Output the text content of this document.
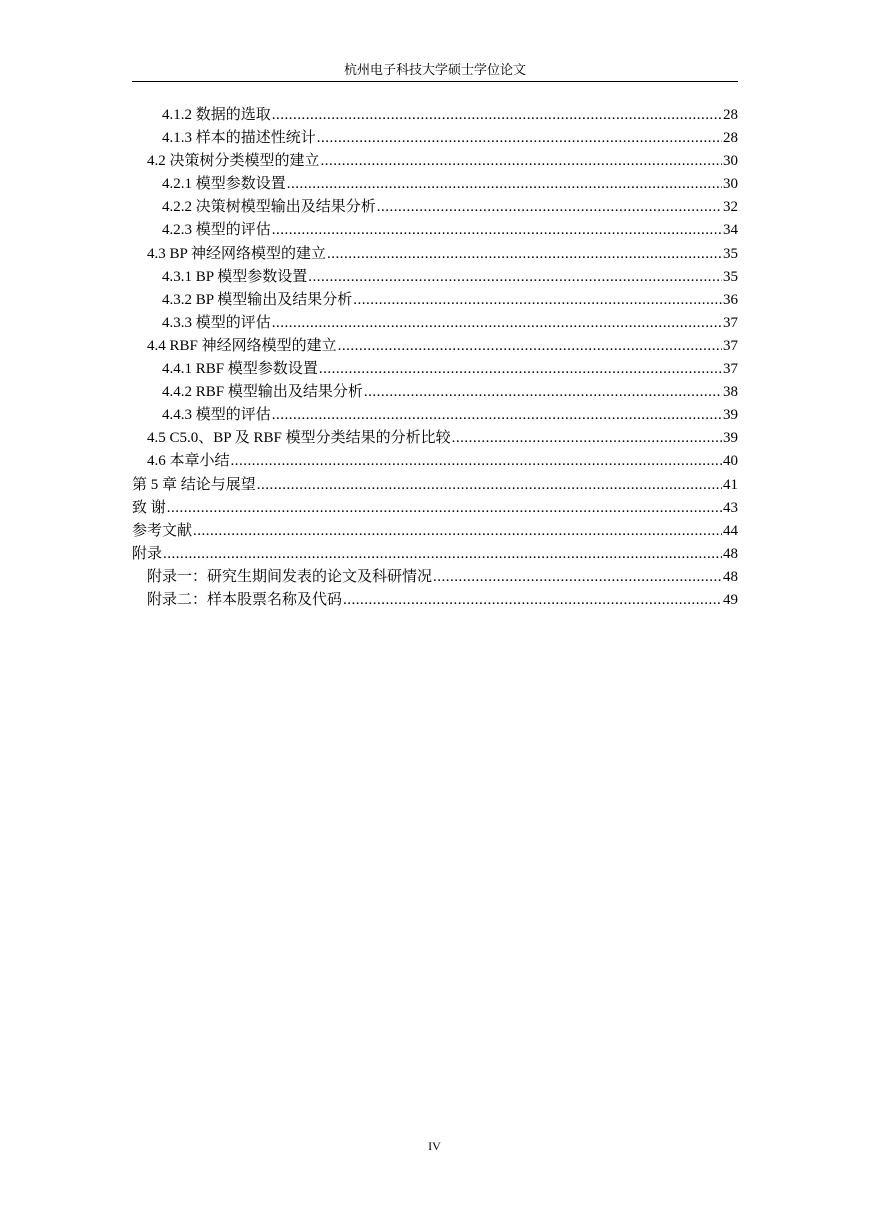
杭州电子科技大学硕士学位论文
4.1.2 数据的选取 .....	28
4.1.3 样本的描述性统计 .....	28
4.2 决策树分类模型的建立 .....	30
4.2.1 模型参数设置 .....	30
4.2.2 决策树模型输出及结果分析 .....	32
4.2.3 模型的评估 .....	34
4.3 BP 神经网络模型的建立 .....	35
4.3.1 BP 模型参数设置 .....	35
4.3.2 BP 模型输出及结果分析 .....	36
4.3.3 模型的评估 .....	37
4.4 RBF 神经网络模型的建立 .....	37
4.4.1 RBF 模型参数设置 .....	37
4.4.2 RBF 模型输出及结果分析 .....	38
4.4.3 模型的评估 .....	39
4.5 C5.0、BP 及 RBF 模型分类结果的分析比较 .....	39
4.6 本章小结 .....	40
第 5 章 结论与展望 .....	41
致 谢 .....	43
参考文献 .....	44
附录 .....	48
附录一：研究生期间发表的论文及科研情况 .....	48
附录二：样本股票名称及代码 .....	49
IV
